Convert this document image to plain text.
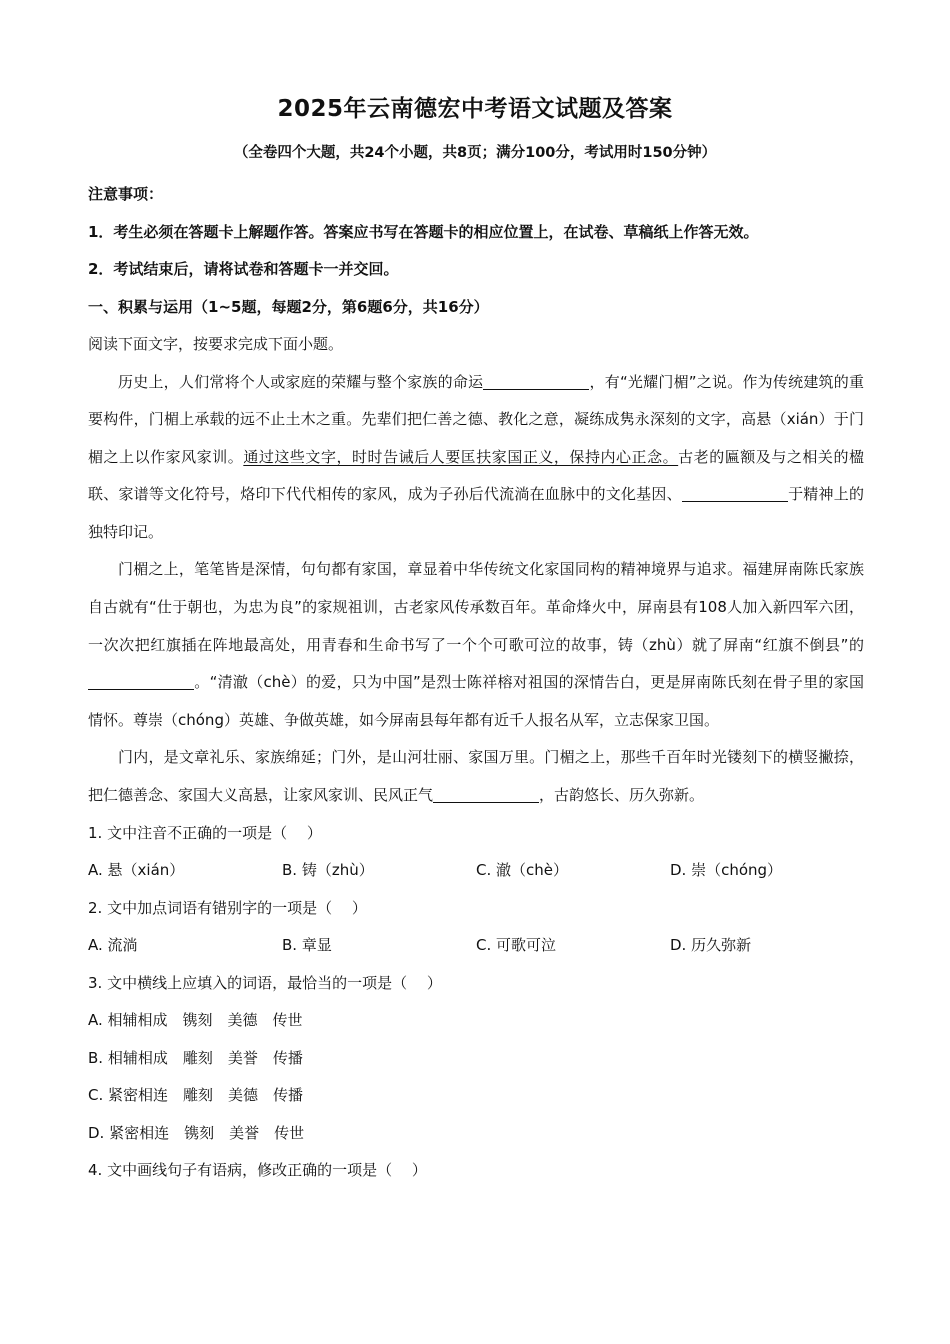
2025年云南德宏中考语文试题及答案
（全卷四个大题，共24个小题，共8页；满分100分，考试用时150分钟）
注意事项：
1．考生必须在答题卡上解题作答。答案应书写在答题卡的相应位置上，在试卷、草稿纸上作答无效。
2．考试结束后，请将试卷和答题卡一并交回。
一、积累与运用（1~5题，每题2分，第6题6分，共16分）
阅读下面文字，按要求完成下面小题。
历史上，人们常将个人或家庭的荣耀与整个家族的命运	，有“光耀门楣”之说。作为传统建筑的重要构件，门楣上承载的远不止土木之重。先辈们把仁善之德、教化之意，凝练成隽永深刻的文字，高悬（xián）于门楣之上以作家风家训。通过这些文字，时时告诫后人要匡扶家国正义，保持内心正念。古老的匾额及与之相关的楹联、家谱等文化符号，烙印下代代相传的家风，成为子孙后代流淌在血脉中的文化基因、	于精神上的独特印记。
门楣之上，笔笔皆是深情，句句都有家国，章显着中华传统文化家国同构的精神境界与追求。福建屏南陈氏家族自古就有“仕于朝也，为忠为良”的家规祖训，古老家风传承数百年。革命烽火中，屏南县有108人加入新四军六团，一次次把红旗插在阵地最高处，用青春和生命书写了一个个可歌可泣的故事，铸（zhù）就了屏南“红旗不倒县”的。“清澈（chè）的爱，只为中国”是烈士陈祥榕对祖国的深情告白，更是屏南陈氏刻在骨子里的家国情怀。尊崇（chóng）英雄、争做英雄，如今屏南县每年都有近千人报名从军，立志保家卫国。
门内，是文章礼乐、家族绵延；门外，是山河壮丽、家国万里。门楣之上，那些千百年时光镂刻下的横竖撇捺，把仁德善念、家国大义高悬，让家风家训、民风正气	，古韵悠长、历久弥新。
1. 文中注音不正确的一项是（　 ）
A. 悬（xián）	B. 铸（zhù）	C. 澈（chè）	D. 崇（chóng）
2. 文中加点词语有错别字的一项是（　 ）
A. 流淌	B. 章显	C. 可歌可泣	D. 历久弥新
3. 文中横线上应填入的词语，最恰当的一项是（　 ）
A. 相辅相成　镌刻　美德　传世
B. 相辅相成　雕刻　美誉　传播
C. 紧密相连　雕刻　美德　传播
D. 紧密相连　镌刻　美誉　传世
4. 文中画线句子有语病，修改正确的一项是（　 ）
